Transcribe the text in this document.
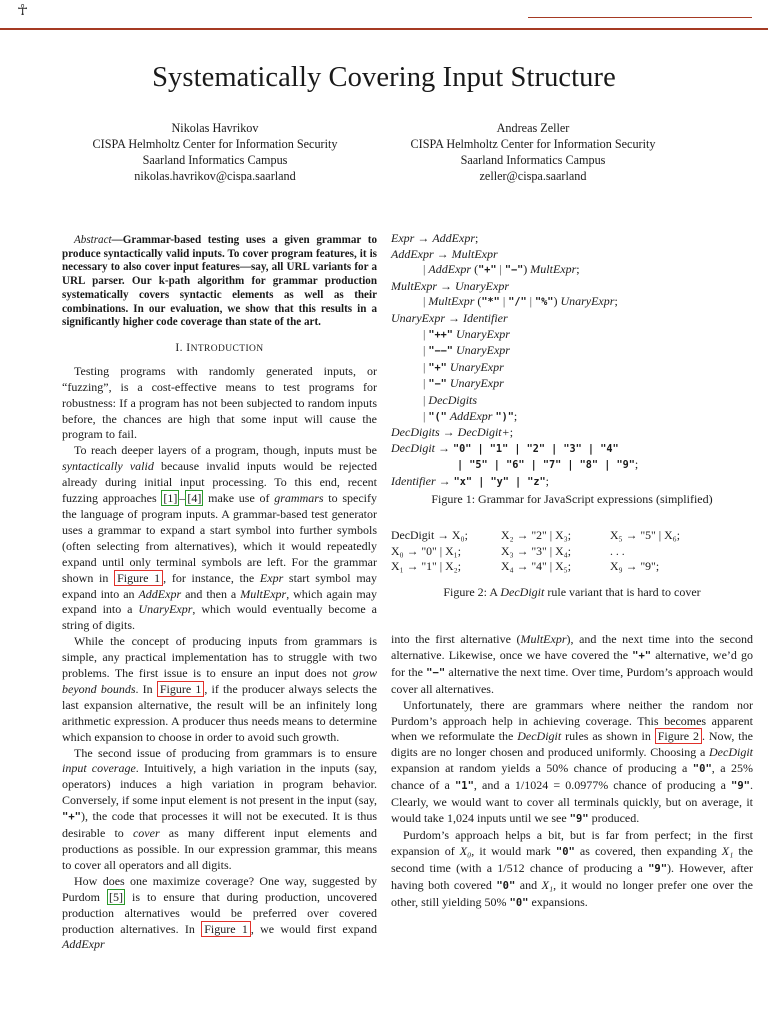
☥
Systematically Covering Input Structure
Nikolas Havrikov
CISPA Helmholtz Center for Information Security
Saarland Informatics Campus
nikolas.havrikov@cispa.saarland
Andreas Zeller
CISPA Helmholtz Center for Information Security
Saarland Informatics Campus
zeller@cispa.saarland
Abstract—Grammar-based testing uses a given grammar to produce syntactically valid inputs. To cover program features, it is necessary to also cover input features—say, all URL variants for a URL parser. Our k-path algorithm for grammar production systematically covers syntactic elements as well as their combinations. In our evaluation, we show that this results in a significantly higher code coverage than state of the art.
I. INTRODUCTION

Testing programs with randomly generated inputs, or “fuzzing”, is a cost-effective means to test programs for robustness: If a program has not been subjected to random inputs before, the chances are high that some input will cause the program to fail.

To reach deeper layers of a program, though, inputs must be syntactically valid because invalid inputs would be rejected already during initial input processing. To this end, recent fuzzing approaches [1] – [4] make use of grammars to specify the language of program inputs. A grammar-based test generator uses a grammar to expand a start symbol into further symbols (often selecting from alternatives), which it would repeatedly expand until only terminal symbols are left. For the grammar shown in Figure 1 , for instance, the Expr start symbol may expand into an AddExpr and then a MultExpr, which again may expand into a UnaryExpr, which would eventually become a string of digits.

While the concept of producing inputs from grammars is simple, any practical implementation has to struggle with two problems. The first issue is to ensure an input does not grow beyond bounds. In Figure 1 , if the producer always selects the last expansion alternative, the result will be an infinitely long arithmetic expression. A producer thus needs means to determine which expansion to choose in order to avoid such growth.

The second issue of producing from grammars is to ensure input coverage. Intuitively, a high variation in the inputs (say, operators) induces a high variation in program behavior. Conversely, if some input element is not present in the input (say, "+"), the code that processes it will not be executed. It is thus desirable to cover as many different input elements and productions as possible. In our expression grammar, this means to cover all operators and all digits.

How does one maximize coverage? One way, suggested by Purdom [5] is to ensure that during production, uncovered production alternatives would be preferred over covered production alternatives. In Figure 1 , we would first expand AddExpr

Expr → AddExpr;
AddExpr → MultExpr
| AddExpr ("+" | "−") MultExpr;
MultExpr → UnaryExpr
| MultExpr ("*" | "/" | "%") UnaryExpr;
UnaryExpr → Identifier
| "++" UnaryExpr
| "−−" UnaryExpr
| "+" UnaryExpr
| "−" UnaryExpr
| DecDigits
| "(" AddExpr ")";
DecDigits → DecDigit+;
DecDigit → "0" | "1" | "2" | "3" | "4"
| "5" | "6" | "7" | "8" | "9";
Identifier → "x" | "y" | "z";
Figure 1: Grammar for JavaScript expressions (simplified)
DecDigit → X₀;
X₀ → "0" | X₁;
X₁ → "1" | X₂;
X₂ → "2" | X₃;
X₃ → "3" | X₄;
X₄ → "4" | X₅;
X₅ → "5" | X₆;
. . .
X₉ → "9";
Figure 2: A DecDigit rule variant that is hard to cover

into the first alternative (MultExpr), and the next time into the second alternative. Likewise, once we have covered the "+" alternative, we’d go for the "−" alternative the next time. Over time, Purdom’s approach would cover all alternatives.

Unfortunately, there are grammars where neither the random nor Purdom’s approach help in achieving coverage. This becomes apparent when we reformulate the DecDigit rules as shown in Figure 2 . Now, the digits are no longer chosen and produced uniformly. Choosing a DecDigit expansion at random yields a 50% chance of producing a "0", a 25% chance of a "1", and a 1/1024 = 0.0977% chance of producing a "9". Clearly, we would want to cover all terminals quickly, but on average, it would take 1,024 inputs until we see "9" produced.

Purdom’s approach helps a bit, but is far from perfect; in the first expansion of X₀, it would mark "0" as covered, then expanding X₁ the second time (with a 1/512 chance of producing a "9"). However, after having both covered "0" and X₁, it would no longer prefer one over the other, still yielding 50% "0" expansions.
